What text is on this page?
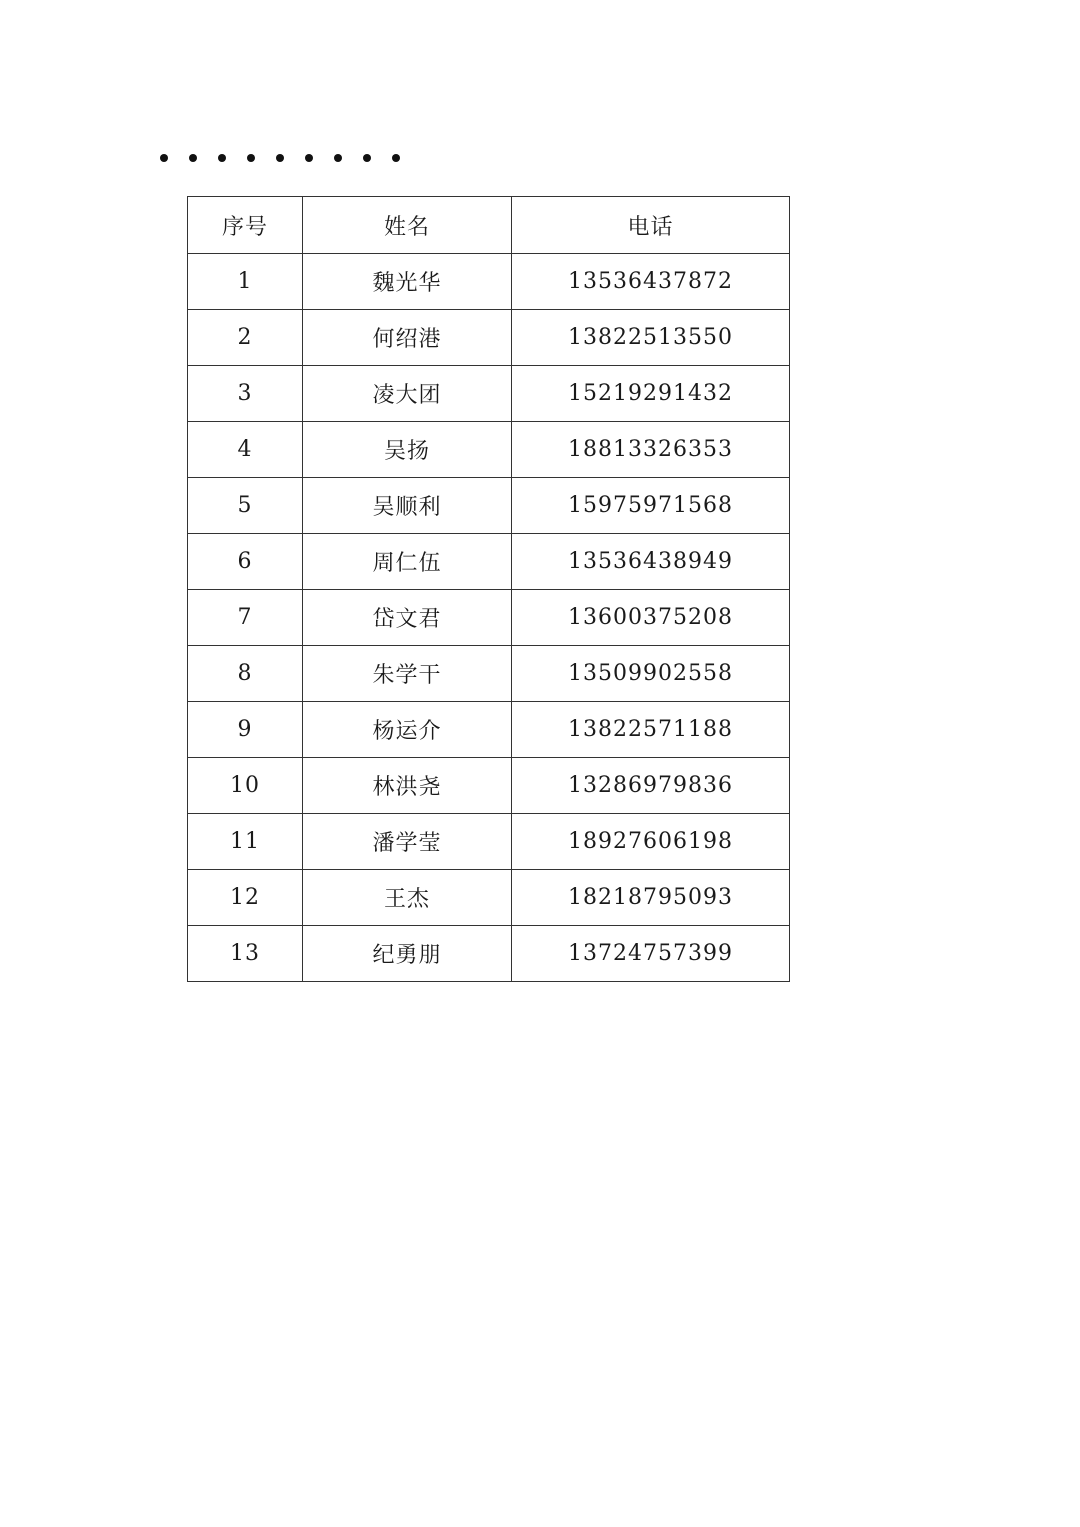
序号	姓名	电话
1	魏光华	13536437872
2	何绍港	13822513550
3	凌大团	15219291432
4	吴扬	18813326353
5	吴顺利	15975971568
6	周仁伍	13536438949
7	岱文君	13600375208
8	朱学干	13509902558
9	杨运介	13822571188
10	林洪尧	13286979836
11	潘学莹	18927606198
12	王杰	18218795093
13	纪勇朋	13724757399
